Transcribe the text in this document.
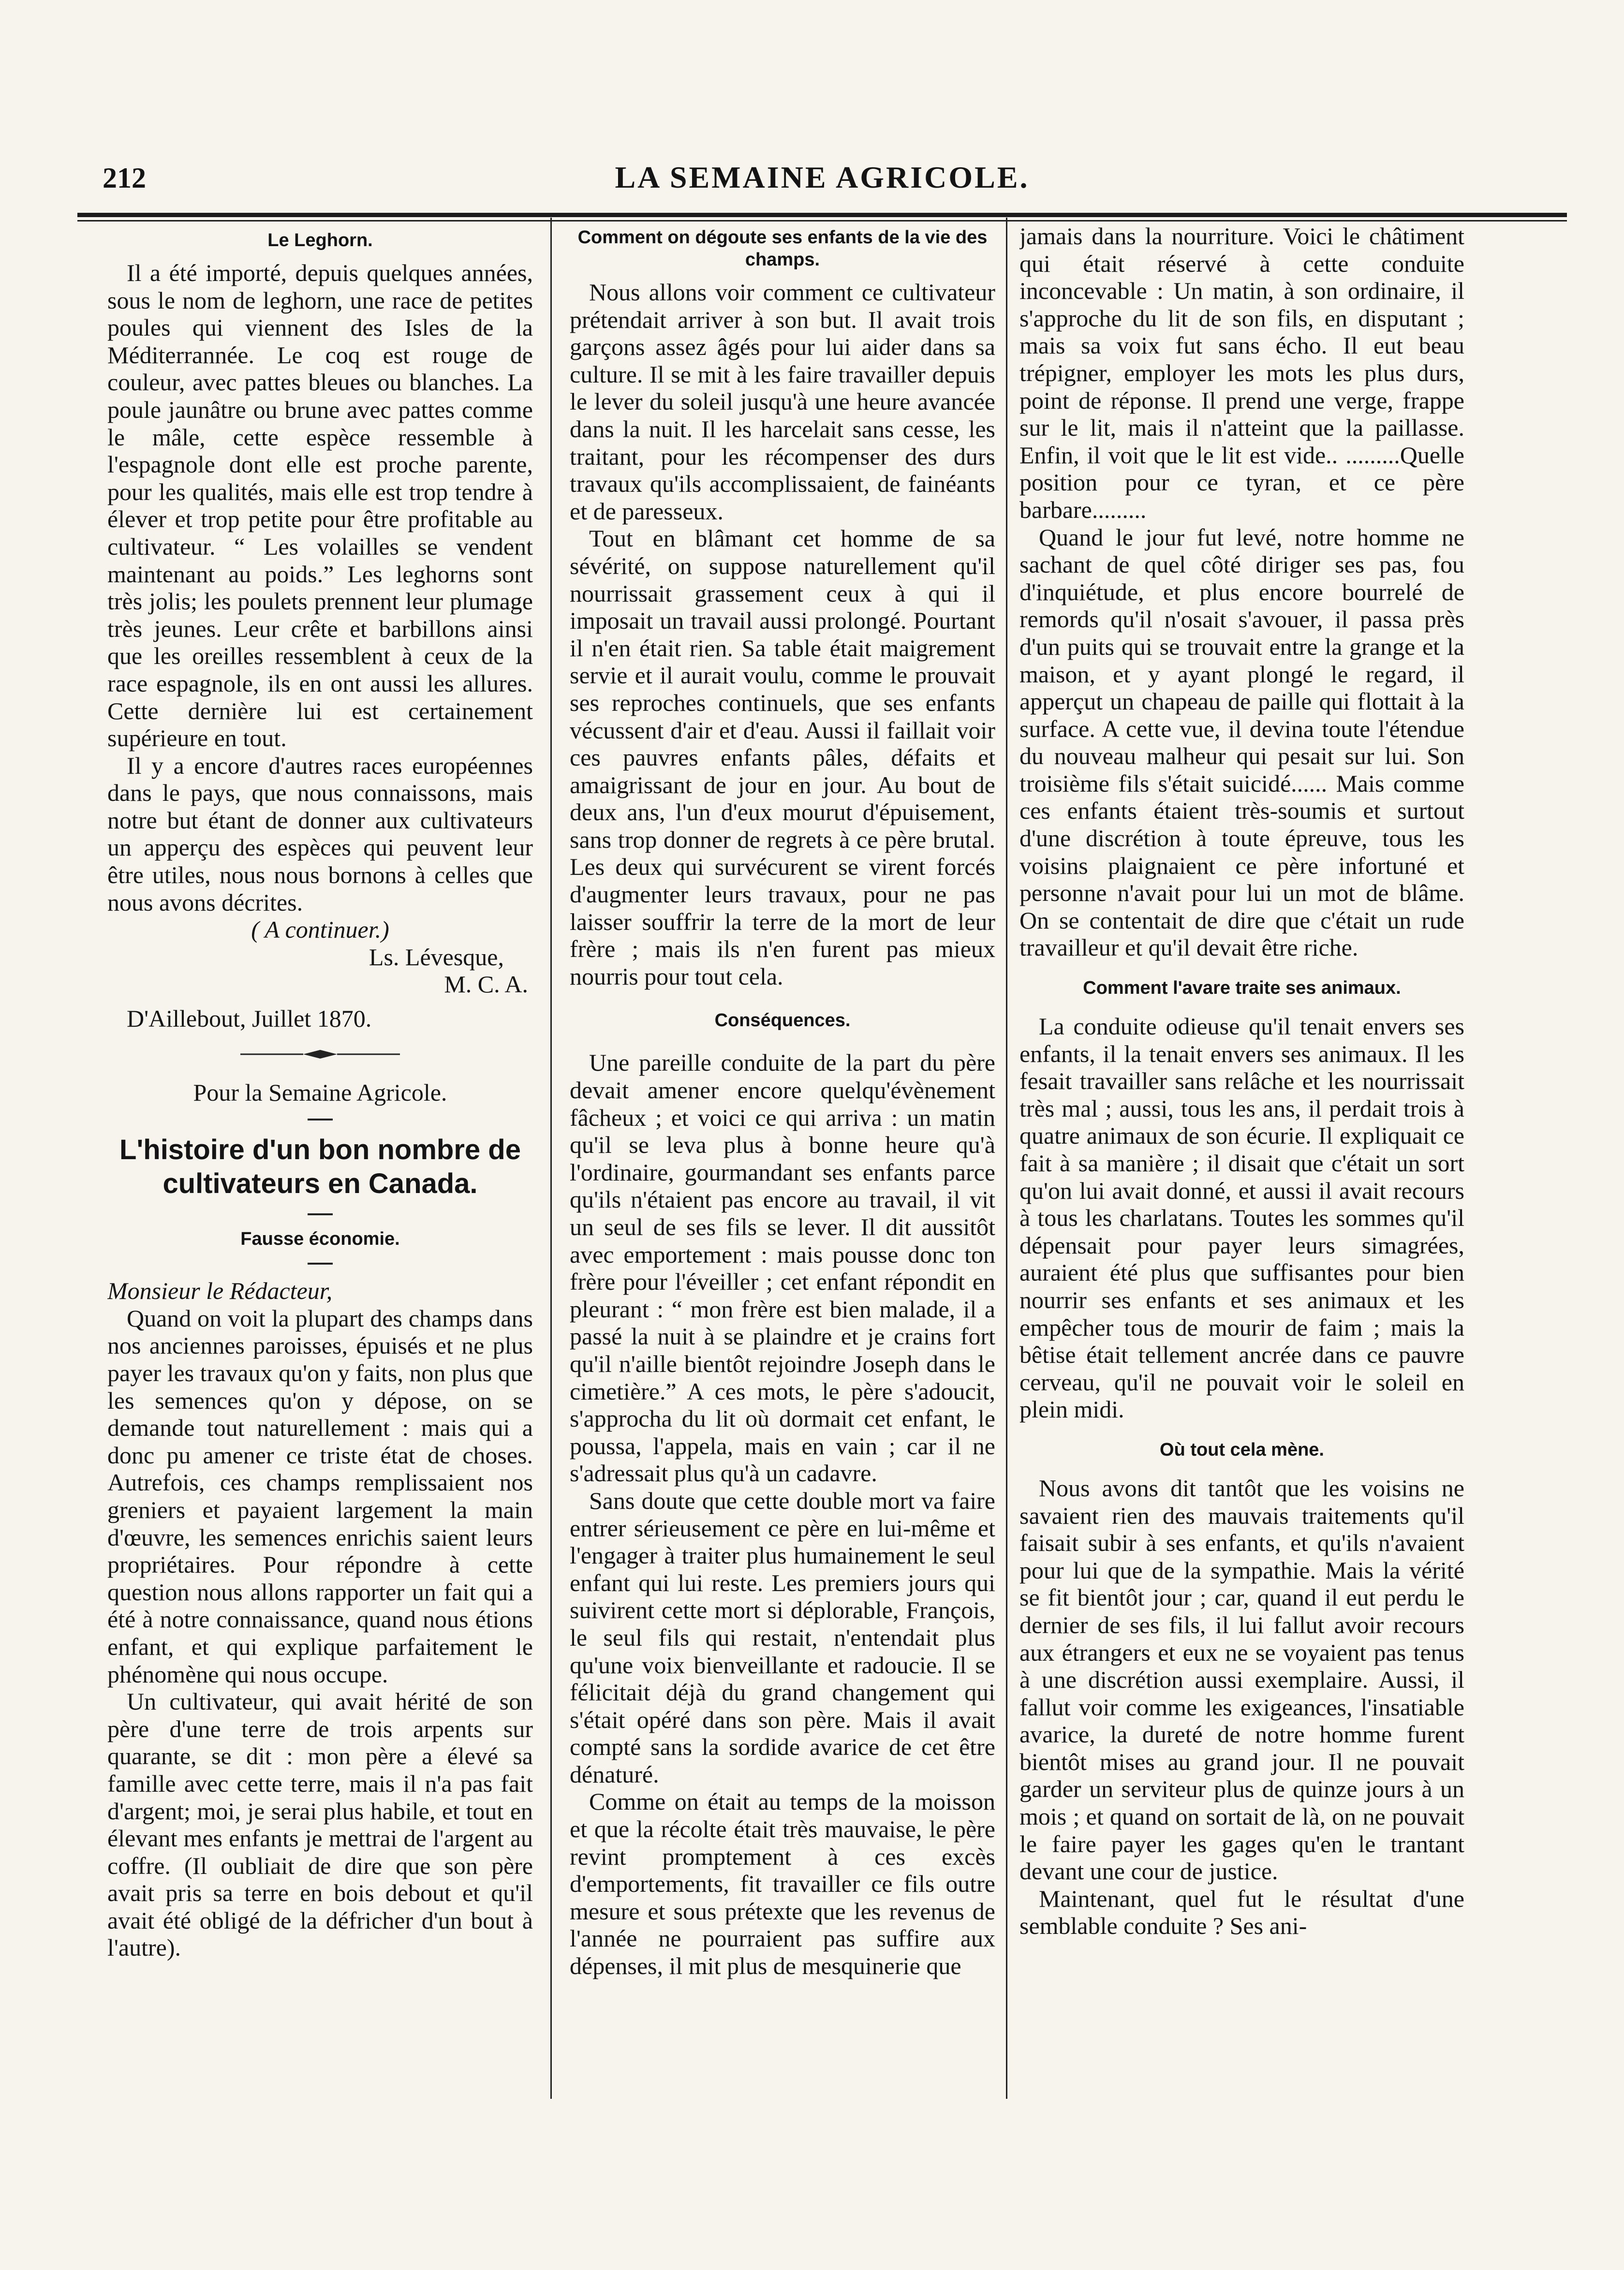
212	LA SEMAINE AGRICOLE.
Le Leghorn.

Il a été importé, depuis quelques années, sous le nom de leghorn, une race de petites poules qui viennent des Isles de la Méditerrannée. Le coq est rouge de couleur, avec pattes bleues ou blanches. La poule jaunâtre ou brune avec pattes comme le mâle, cette espèce ressemble à l'espagnole dont elle est proche parente, pour les qualités, mais elle est trop tendre à élever et trop petite pour être profitable au cultivateur. “ Les volailles se vendent maintenant au poids.” Les leghorns sont très jolis; les poulets prennent leur plumage très jeunes. Leur crête et barbillons ainsi que les oreilles ressemblent à ceux de la race espagnole, ils en ont aussi les allures. Cette dernière lui est certainement supérieure en tout.

Il y a encore d'autres races européennes dans le pays, que nous connaissons, mais notre but étant de donner aux cultivateurs un apperçu des espèces qui peuvent leur être utiles, nous nous bornons à celles que nous avons décrites.

( A continuer.)

Ls. Lévesque,

M. C. A.

D'Aillebout, Juillet 1870.

Pour la Semaine Agricole.

L'histoire d'un bon nombre de cultivateurs en Canada.
Fausse économie.

Monsieur le Rédacteur,

Quand on voit la plupart des champs dans nos anciennes paroisses, épuisés et ne plus payer les travaux qu'on y faits, non plus que les semences qu'on y dépose, on se demande tout naturellement : mais qui a donc pu amener ce triste état de choses. Autrefois, ces champs remplissaient nos greniers et payaient largement la main d'œuvre, les semences enrichis saient leurs propriétaires. Pour répondre à cette question nous allons rapporter un fait qui a été à notre connaissance, quand nous étions enfant, et qui explique parfaitement le phénomène qui nous occupe.

Un cultivateur, qui avait hérité de son père d'une terre de trois arpents sur quarante, se dit : mon père a élevé sa famille avec cette terre, mais il n'a pas fait d'argent; moi, je serai plus habile, et tout en élevant mes enfants je mettrai de l'argent au coffre. (Il oubliait de dire que son père avait pris sa terre en bois debout et qu'il avait été obligé de la défricher d'un bout à l'autre).

Comment on dégoute ses enfants de la vie des champs.

Nous allons voir comment ce cultivateur prétendait arriver à son but. Il avait trois garçons assez âgés pour lui aider dans sa culture. Il se mit à les faire travailler depuis le lever du soleil jusqu'à une heure avancée dans la nuit. Il les harcelait sans cesse, les traitant, pour les récompenser des durs travaux qu'ils accomplissaient, de fainéants et de paresseux.

Tout en blâmant cet homme de sa sévérité, on suppose naturellement qu'il nourrissait grassement ceux à qui il imposait un travail aussi prolongé. Pourtant il n'en était rien. Sa table était maigrement servie et il aurait voulu, comme le prouvait ses reproches continuels, que ses enfants vécussent d'air et d'eau. Aussi il faillait voir ces pauvres enfants pâles, défaits et amaigrissant de jour en jour. Au bout de deux ans, l'un d'eux mourut d'épuisement, sans trop donner de regrets à ce père brutal. Les deux qui survécurent se virent forcés d'augmenter leurs travaux, pour ne pas laisser souffrir la terre de la mort de leur frère ; mais ils n'en furent pas mieux nourris pour tout cela.

Conséquences.

Une pareille conduite de la part du père devait amener encore quelqu'évènement fâcheux ; et voici ce qui arriva : un matin qu'il se leva plus à bonne heure qu'à l'ordinaire, gourmandant ses enfants parce qu'ils n'étaient pas encore au travail, il vit un seul de ses fils se lever. Il dit aussitôt avec emportement : mais pousse donc ton frère pour l'éveiller ; cet enfant répondit en pleurant : “ mon frère est bien malade, il a passé la nuit à se plaindre et je crains fort qu'il n'aille bientôt rejoindre Joseph dans le cimetière.” A ces mots, le père s'adoucit, s'approcha du lit où dormait cet enfant, le poussa, l'appela, mais en vain ; car il ne s'adressait plus qu'à un cadavre.

Sans doute que cette double mort va faire entrer sérieusement ce père en lui-même et l'engager à traiter plus humainement le seul enfant qui lui reste. Les premiers jours qui suivirent cette mort si déplorable, François, le seul fils qui restait, n'entendait plus qu'une voix bienveillante et radoucie. Il se félicitait déjà du grand changement qui s'était opéré dans son père. Mais il avait compté sans la sordide avarice de cet être dénaturé.

Comme on était au temps de la moisson et que la récolte était très mauvaise, le père revint promptement à ces excès d'emportements, fit travailler ce fils outre mesure et sous prétexte que les revenus de l'année ne pourraient pas suffire aux dépenses, il mit plus de mesquinerie que

jamais dans la nourriture. Voici le châtiment qui était réservé à cette conduite inconcevable : Un matin, à son ordinaire, il s'approche du lit de son fils, en disputant ; mais sa voix fut sans écho. Il eut beau trépigner, employer les mots les plus durs, point de réponse. Il prend une verge, frappe sur le lit, mais il n'atteint que la paillasse. Enfin, il voit que le lit est vide.. .........Quelle position pour ce tyran, et ce père barbare.........

Quand le jour fut levé, notre homme ne sachant de quel côté diriger ses pas, fou d'inquiétude, et plus encore bourrelé de remords qu'il n'osait s'avouer, il passa près d'un puits qui se trouvait entre la grange et la maison, et y ayant plongé le regard, il apperçut un chapeau de paille qui flottait à la surface. A cette vue, il devina toute l'étendue du nouveau malheur qui pesait sur lui. Son troisième fils s'était suicidé...... Mais comme ces enfants étaient très-soumis et surtout d'une discrétion à toute épreuve, tous les voisins plaignaient ce père infortuné et personne n'avait pour lui un mot de blâme. On se contentait de dire que c'était un rude travailleur et qu'il devait être riche.

Comment l'avare traite ses animaux.

La conduite odieuse qu'il tenait envers ses enfants, il la tenait envers ses animaux. Il les fesait travailler sans relâche et les nourrissait très mal ; aussi, tous les ans, il perdait trois à quatre animaux de son écurie. Il expliquait ce fait à sa manière ; il disait que c'était un sort qu'on lui avait donné, et aussi il avait recours à tous les charlatans. Toutes les sommes qu'il dépensait pour payer leurs simagrées, auraient été plus que suffisantes pour bien nourrir ses enfants et ses animaux et les empêcher tous de mourir de faim ; mais la bêtise était tellement ancrée dans ce pauvre cerveau, qu'il ne pouvait voir le soleil en plein midi.

Où tout cela mène.

Nous avons dit tantôt que les voisins ne savaient rien des mauvais traitements qu'il faisait subir à ses enfants, et qu'ils n'avaient pour lui que de la sympathie. Mais la vérité se fit bientôt jour ; car, quand il eut perdu le dernier de ses fils, il lui fallut avoir recours aux étrangers et eux ne se voyaient pas tenus à une discrétion aussi exemplaire. Aussi, il fallut voir comme les exigeances, l'insatiable avarice, la dureté de notre homme furent bientôt mises au grand jour. Il ne pouvait garder un serviteur plus de quinze jours à un mois ; et quand on sortait de là, on ne pouvait le faire payer les gages qu'en le trantant devant une cour de justice.

Maintenant, quel fut le résultat d'une semblable conduite ? Ses ani-
